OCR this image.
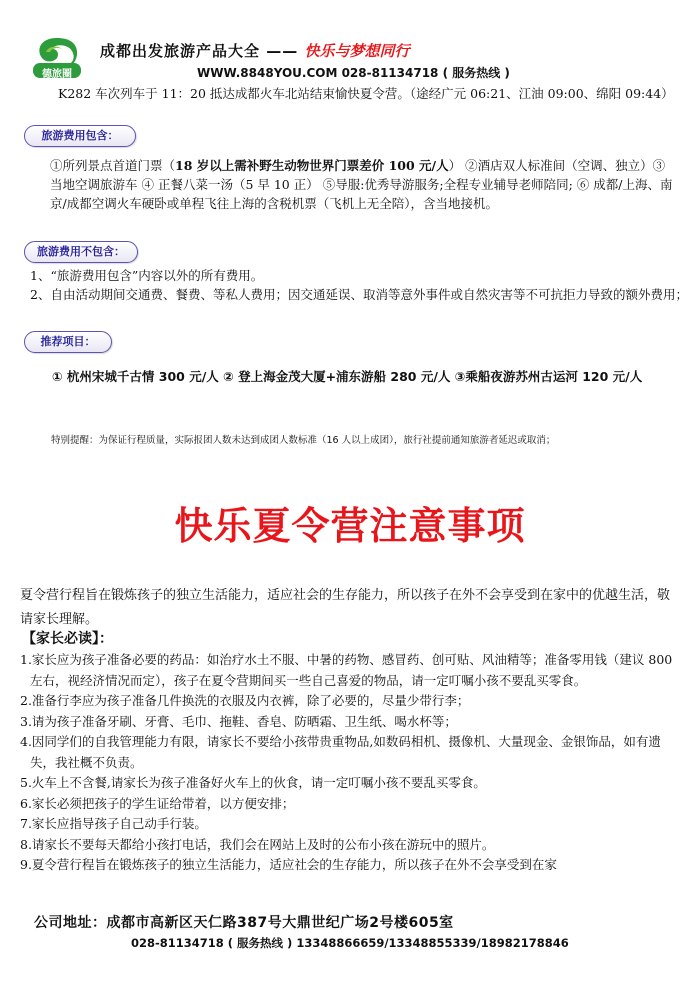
德旅圈
成都出发旅游产品大全 —— 快乐与梦想同行
WWW.8848YOU.COM 028-81134718 ( 服务热线 )
K282 车次列车于 11：20 抵达成都火车北站结束愉快夏令营。（途经广元 06:21、江油 09:00、绵阳 09:44）
旅游费用包含：
①所列景点首道门票（18 岁以上需补野生动物世界门票差价 100 元/人） ②酒店双人标准间（空调、独立）③ 当地空调旅游车 ④ 正餐八菜一汤（5 早 10 正） ⑤导服:优秀导游服务;全程专业辅导老师陪同; ⑥ 成都/上海、南京/成都空调火车硬卧或单程飞往上海的含税机票（飞机上无全陪），含当地接机。
旅游费用不包含：
1、“旅游费用包含”内容以外的所有费用。
2、自由活动期间交通费、餐费、等私人费用；因交通延误、取消等意外事件或自然灾害等不可抗拒力导致的额外费用；
推荐项目：
① 杭州宋城千古情 300 元/人 ② 登上海金茂大厦+浦东游船 280 元/人 ③乘船夜游苏州古运河 120 元/人
特别提醒：为保证行程质量，实际报团人数未达到成团人数标准（16 人以上成团），旅行社提前通知旅游者延迟或取消；
快乐夏令营注意事项
夏令营行程旨在锻炼孩子的独立生活能力，适应社会的生存能力，所以孩子在外不会享受到在家中的优越生活，敬请家长理解。
【家长必读】：
1.家长应为孩子准备必要的药品：如治疗水土不服、中暑的药物、感冒药、创可贴、风油精等；准备零用钱（建议 800 左右，视经济情况而定），孩子在夏令营期间买一些自己喜爱的物品，请一定叮嘱小孩不要乱买零食。
2.准备行李应为孩子准备几件换洗的衣服及内衣裤，除了必要的，尽量少带行李；
3.请为孩子准备牙刷、牙膏、毛巾、拖鞋、香皂、防晒霜、卫生纸、喝水杯等；
4.因同学们的自我管理能力有限，请家长不要给小孩带贵重物品,如数码相机、摄像机、大量现金、金银饰品，如有遗失，我社概不负责。
5.火车上不含餐,请家长为孩子准备好火车上的伙食，请一定叮嘱小孩不要乱买零食。
6.家长必须把孩子的学生证给带着，以方便安排；
7.家长应指导孩子自己动手行装。
8.请家长不要每天都给小孩打电话，我们会在网站上及时的公布小孩在游玩中的照片。
9.夏令营行程旨在锻炼孩子的独立生活能力，适应社会的生存能力，所以孩子在外不会享受到在家
公司地址：成都市高新区天仁路387号大鼎世纪广场2号楼605室
028-81134718 ( 服务热线 ) 13348866659/13348855339/18982178846
